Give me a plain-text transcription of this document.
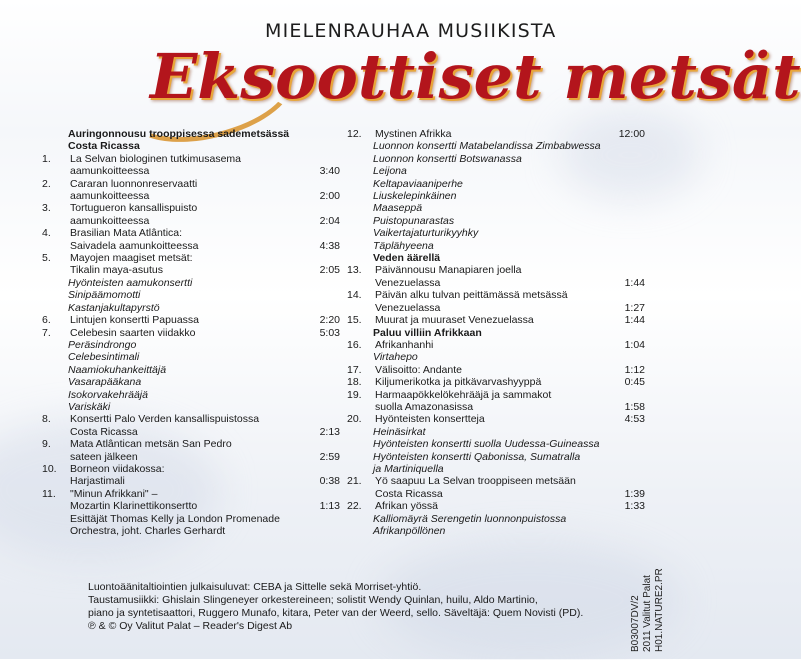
MIELENRAUHAA MUSIIKISTA
Eksoottiset metsät
Auringonnousu trooppisessa sademetsässä
Costa Ricassa
1.	La Selvan biologinen tutkimusasema
aamunkoitteessa	3:40
2.	Cararan luonnonreservaatti
aamunkoitteessa	2:00
3.	Tortugueron kansallispuisto
aamunkoitteessa	2:04
4.	Brasilian Mata Atlântica:
Saivadela aamunkoitteessa	4:38
5.	Mayojen maagiset metsät:
Tikalin maya-asutus	2:05
Hyönteisten aamukonsertti
Sinipäämomotti
Kastanjakultapyrstö
6.	Lintujen konsertti Papuassa	2:20
7.	Celebesin saarten viidakko	5:03
Peräsindrongo
Celebesintimali
Naamiokuhankeittäjä
Vasarapääkana
Isokorvakehrääjä
Variskäki
8.	Konsertti Palo Verden kansallispuistossa
Costa Ricassa	2:13
9.	Mata Atlântican metsän San Pedro
sateen jälkeen	2:59
10.	Borneon viidakossa:
Harjastimali	0:38
11.	"Minun Afrikkani" –
Mozartin Klarinettikonsertto	1:13
Esittäjät Thomas Kelly ja London Promenade
Orchestra, joht. Charles Gerhardt
12.	Mystinen Afrikka	12:00
Luonnon konsertti Matabelandissa Zimbabwessa
Luonnon konsertti Botswanassa
Leijona
Keltapaviaaniperhe
Liuskelepinkäinen
Maaseppä
Puistopunarastas
Vaikertajaturturikyyhky
Täplähyeena
Veden äärellä
13.	Päivännousu Manapiaren joella
Venezuelassa	1:44
14.	Päivän alku tulvan peittämässä metsässä
Venezuelassa	1:27
15.	Muurat ja muuraset Venezuelassa	1:44
Paluu villiin Afrikkaan
16.	Afrikanhanhi	1:04
Virtahepo
17.	Välisoitto: Andante	1:12
18.	Kiljumerikotka ja pitkävarvashyyppä	0:45
19.	Harmaapökkelökehrääjä ja sammakot
suolla Amazonasissa	1:58
20.	Hyönteisten konsertteja	4:53
Heinäsirkat
Hyönteisten konsertti suolla Uudessa-Guineassa
Hyönteisten konsertti Qabonissa, Sumatralla
ja Martiniquella
21.	Yö saapuu La Selvan trooppiseen metsään
Costa Ricassa	1:39
22.	Afrikan yössä	1:33
Kalliomäyrä Serengetin luonnonpuistossa
Afrikanpöllönen
Luontoäänitaltiointien julkaisuluvat: CEBA ja Sittelle sekä Morriset-yhtiö.
Taustamusiikki: Ghislain Slingeneyer orkestereineen; solistit Wendy Quinlan, huilu, Aldo Martinio,
piano ja syntetisaattori, Ruggero Munafo, kitara, Peter van der Weerd, sello. Säveltäjä: Quem Novisti (PD).
℗ & © Oy Valitut Palat – Reader's Digest Ab	B03007DV/2 2011 Valitut Palat H01.NATURE2.PR
